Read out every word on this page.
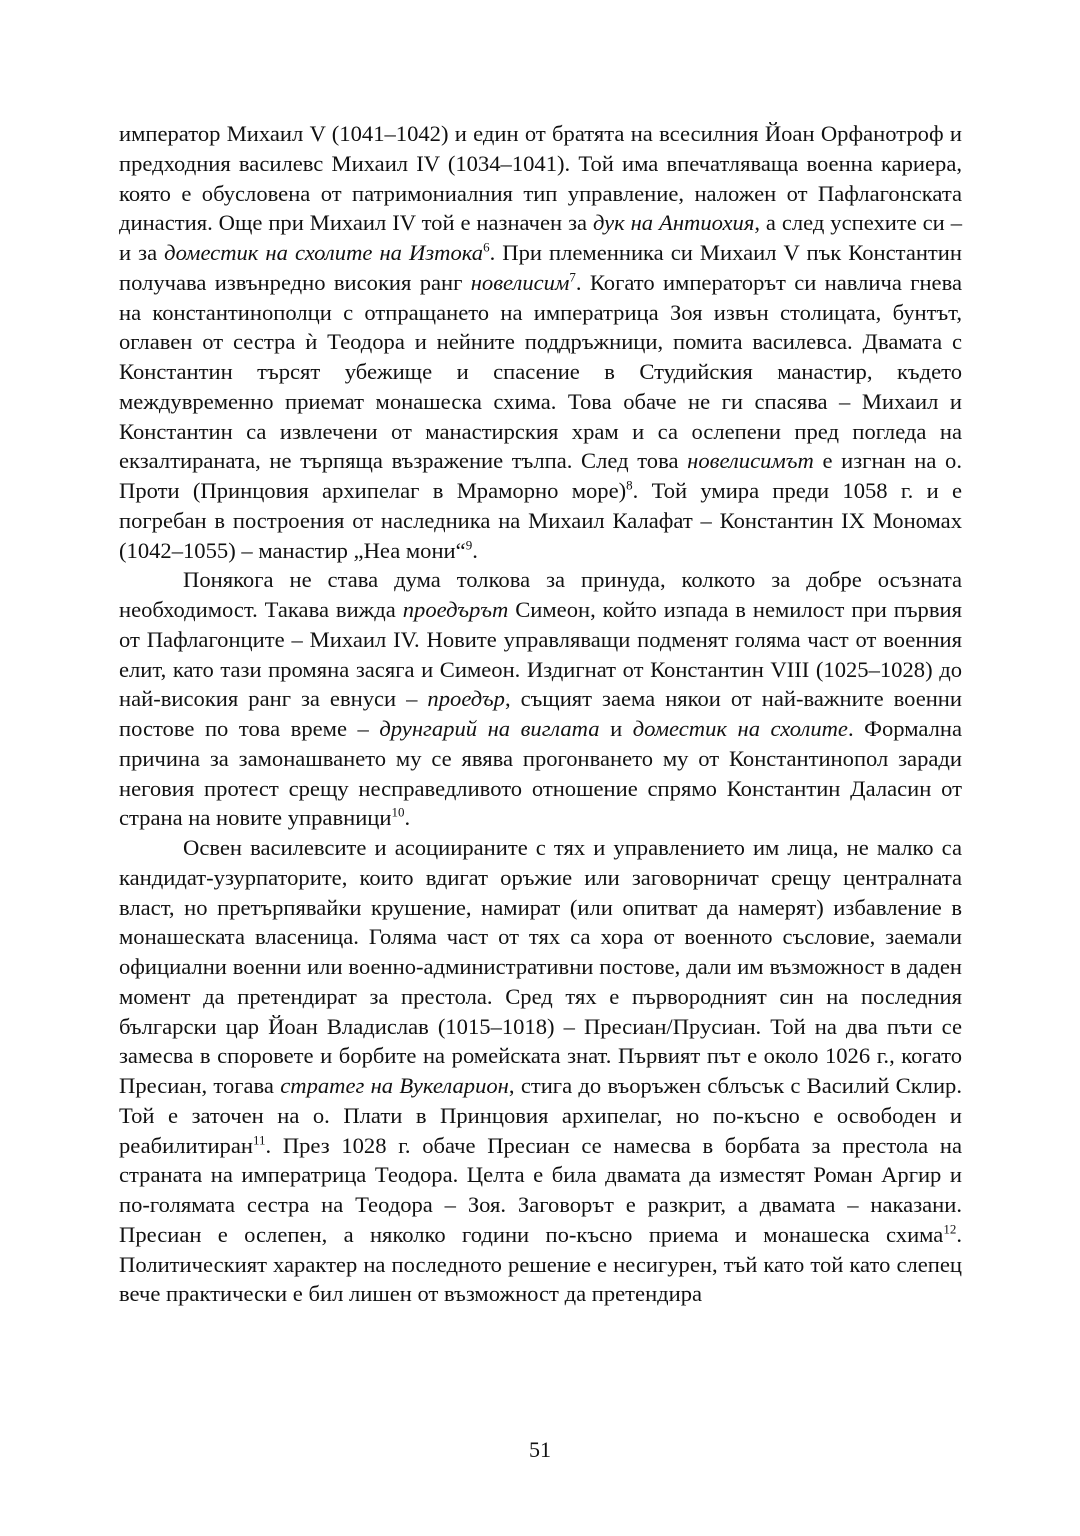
император Михаил V (1041–1042) и един от братята на всесилния Йоан Орфанотроф и предходния василевс Михаил IV (1034–1041). Той има впечатляваща военна кариера, която е обусловена от патримониалния тип управление, наложен от Пафлагонската династия. Още при Михаил IV той е назначен за дук на Антиохия, а след успехите си – и за доместик на схолите на Изтока$^6$. При племенника си Михаил V пък Константин получава извънредно високия ранг новелисим$^7$. Когато императорът си навлича гнева на константинополци с отпращането на императрица Зоя извън столицата, бунтът, оглавен от сестра ѝ Теодора и нейните поддръжници, помита василевса. Двамата с Константин търсят убежище и спасение в Студийския манастир, където междувременно приемат монашеска схима. Това обаче не ги спасява – Михаил и Константин са извлечени от манастирския храм и са ослепени пред погледа на екзалтираната, не търпяща възражение тълпа. След това новелисимът е изгнан на о. Проти (Принцовия архипелаг в Мраморно море)$^8$. Той умира преди 1058 г. и е погребан в построения от наследника на Михаил Калафат – Константин IX Мономах (1042–1055) – манастир „Неа мони“$^9$.

Понякога не става дума толкова за принуда, колкото за добре осъзната необходимост. Такава вижда проедърът Симеон, който изпада в немилост при първия от Пафлагонците – Михаил IV. Новите управляващи подменят голяма част от военния елит, като тази промяна засяга и Симеон. Издигнат от Константин VIII (1025–1028) до най-високия ранг за евнуси – проедър, същият заема някои от най-важните военни постове по това време – друнгарий на виглата и доместик на схолите. Формална причина за замонашването му се явява прогонването му от Константинопол заради неговия протест срещу несправедливото отношение спрямо Константин Даласин от страна на новите управници$^{10}$.

Освен василевсите и асоциираните с тях и управлението им лица, не малко са кандидат-узурпаторите, които вдигат оръжие или заговорничат срещу централната власт, но претърпявайки крушение, намират (или опитват да намерят) избавление в монашеската власеница. Голяма част от тях са хора от военното съсловие, заемали официални военни или военно-административни постове, дали им възможност в даден момент да претендират за престола. Сред тях е първородният син на последния български цар Йоан Владислав (1015–1018) – Пресиан/Прусиан. Той на два пъти се замесва в споровете и борбите на ромейската знат. Първият път е около 1026 г., когато Пресиан, тогава стратег на Вукеларион, стига до въоръжен сблъсък с Василий Склир. Той е заточен на о. Плати в Принцовия архипелаг, но по-късно е освободен и реабилитиран$^{11}$. През 1028 г. обаче Пресиан се намесва в борбата за престола на страната на императрица Теодора. Целта е била двамата да изместят Роман Аргир и по-голямата сестра на Теодора – Зоя. Заговорът е разкрит, а двамата – наказани. Пресиан е ослепен, а няколко години по-късно приема и монашеска схима$^{12}$. Политическият характер на последното решение е несигурен, тъй като той като слепец вече практически е бил лишен от възможност да претендира

51
